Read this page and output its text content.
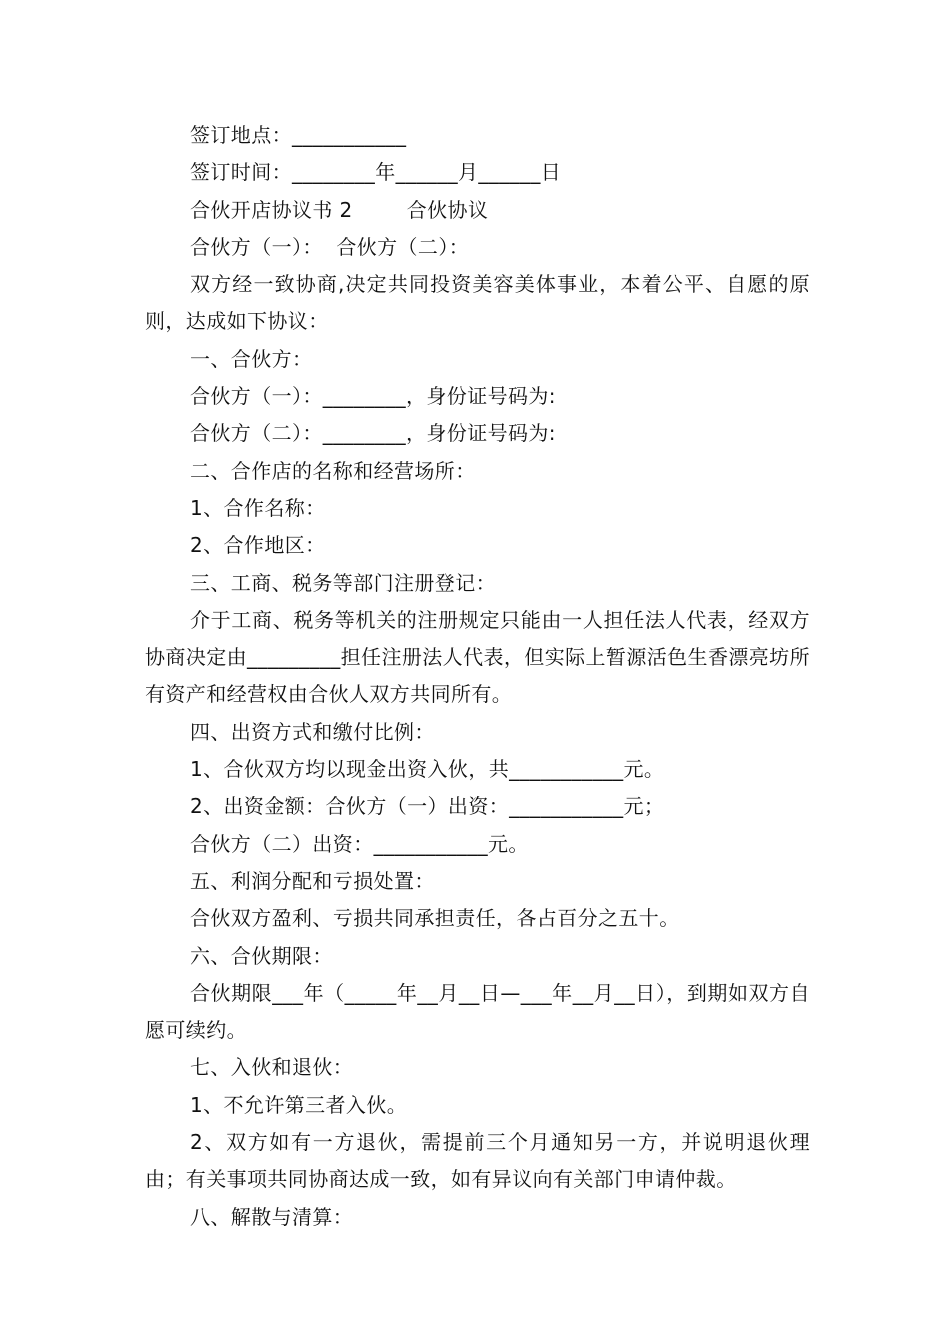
签订地点：___________

签订时间：________年______月______日

合伙开店协议书 2        合伙协议

合伙方（一）：  合伙方（二）：

双方经一致协商,决定共同投资美容美体事业，本着公平、自愿的原则，达成如下协议：

一、合伙方：

合伙方（一）：________，身份证号码为:

合伙方（二）：________，身份证号码为:

二、合作店的名称和经营场所：

1、合作名称：

2、合作地区：

三、工商、税务等部门注册登记：

介于工商、税务等机关的注册规定只能由一人担任法人代表，经双方协商决定由_________担任注册法人代表，但实际上暂源活色生香漂亮坊所有资产和经营权由合伙人双方共同所有。

四、出资方式和缴付比例：

1、合伙双方均以现金出资入伙，共___________元。

2、出资金额：合伙方（一）出资：___________元；

合伙方（二）出资：___________元。

五、利润分配和亏损处置：

合伙双方盈利、亏损共同承担责任，各占百分之五十。

六、合伙期限：

合伙期限___年（_____年__月__日—___年__月__日），到期如双方自愿可续约。

七、入伙和退伙：

1、不允许第三者入伙。

2、双方如有一方退伙，需提前三个月通知另一方，并说明退伙理由；有关事项共同协商达成一致，如有异议向有关部门申请仲裁。

八、解散与清算：
